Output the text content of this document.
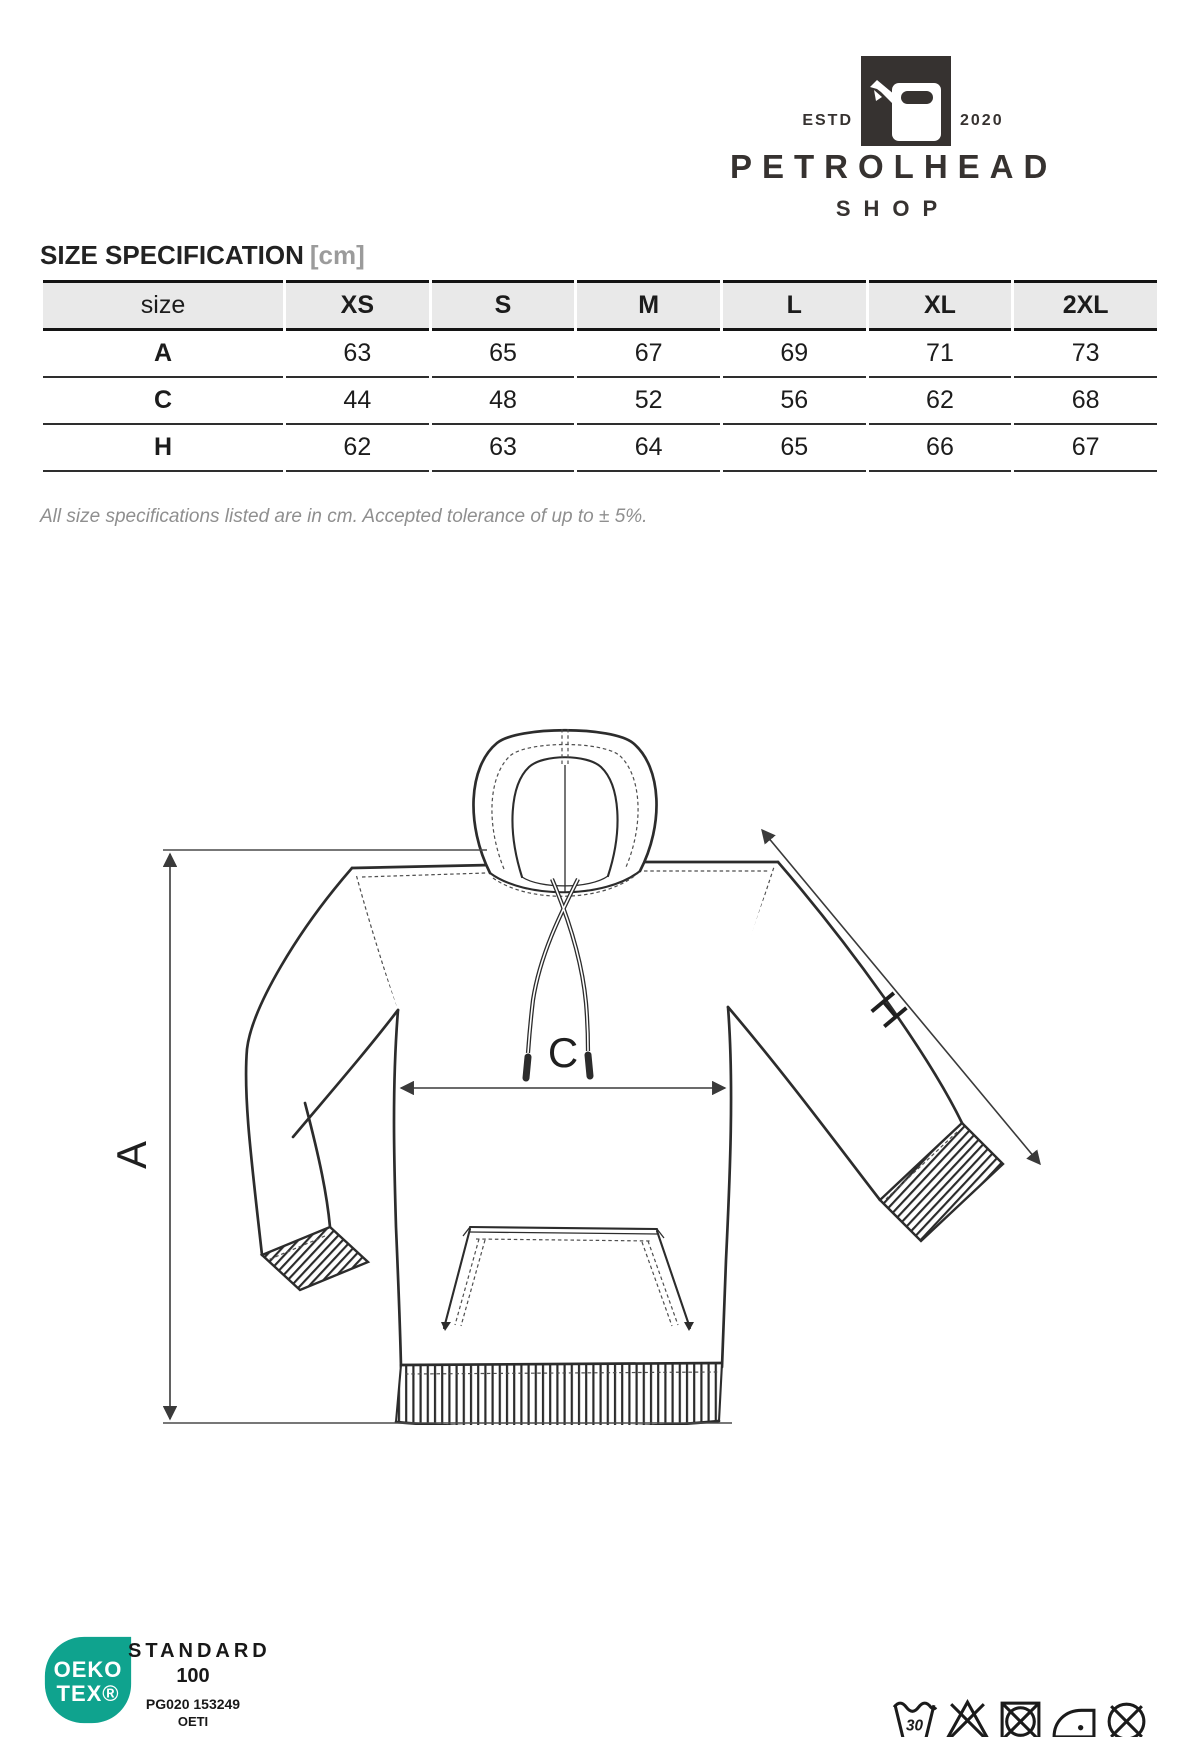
ESTD	2020
PETROLHEAD
SHOP
SIZE SPECIFICATION [cm]
size	XS	S	M	L	XL	2XL
A	63	65	67	69	71	73
C	44	48	52	56	62	68
H	62	63	64	65	66	67
All size specifications listed are in cm. Accepted tolerance of up to ± 5%.
A
C
H
OEKO
TEX®
STANDARD
100
PG020 153249
OETI	30
